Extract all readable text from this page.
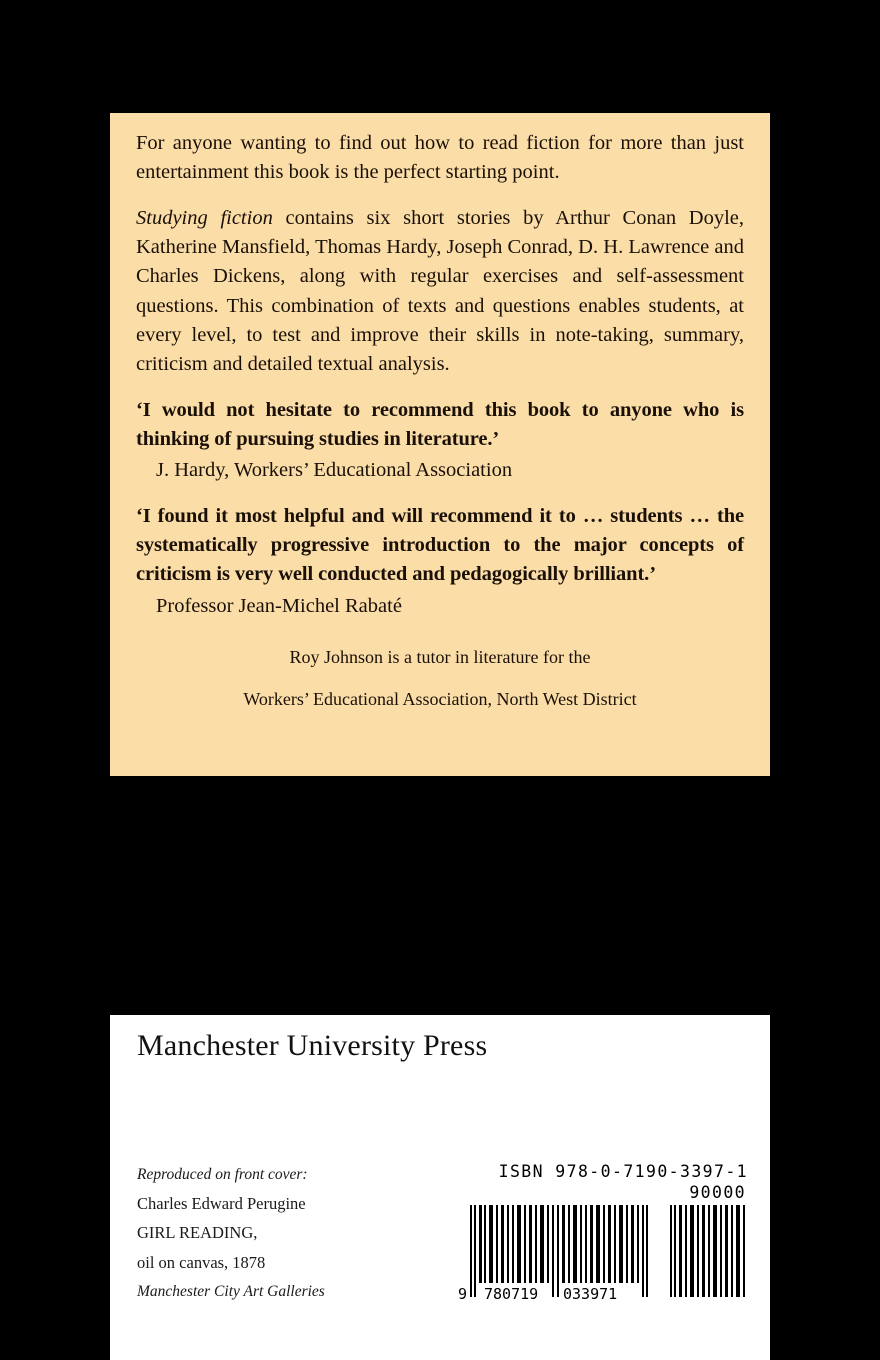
For anyone wanting to find out how to read fiction for more than just entertainment this book is the perfect starting point.

Studying fiction contains six short stories by Arthur Conan Doyle, Katherine Mansfield, Thomas Hardy, Joseph Conrad, D. H. Lawrence and Charles Dickens, along with regular exercises and self-assessment questions. This combination of texts and questions enables students, at every level, to test and improve their skills in note-taking, summary, criticism and detailed textual analysis.

‘I would not hesitate to recommend this book to anyone who is thinking of pursuing studies in literature.’

J. Hardy, Workers’ Educational Association

‘I found it most helpful and will recommend it to … students … the systematically progressive introduction to the major concepts of criticism is very well conducted and pedagogically brilliant.’

Professor Jean-Michel Rabaté

Roy Johnson is a tutor in literature for the

Workers’ Educational Association, North West District

Manchester University Press
Reproduced on front cover:
Charles Edward Perugine
GIRL READING,
oil on canvas, 1878
Manchester City Art Galleries
ISBN 978-0-7190-3397-1
90000
9 780719 033971
